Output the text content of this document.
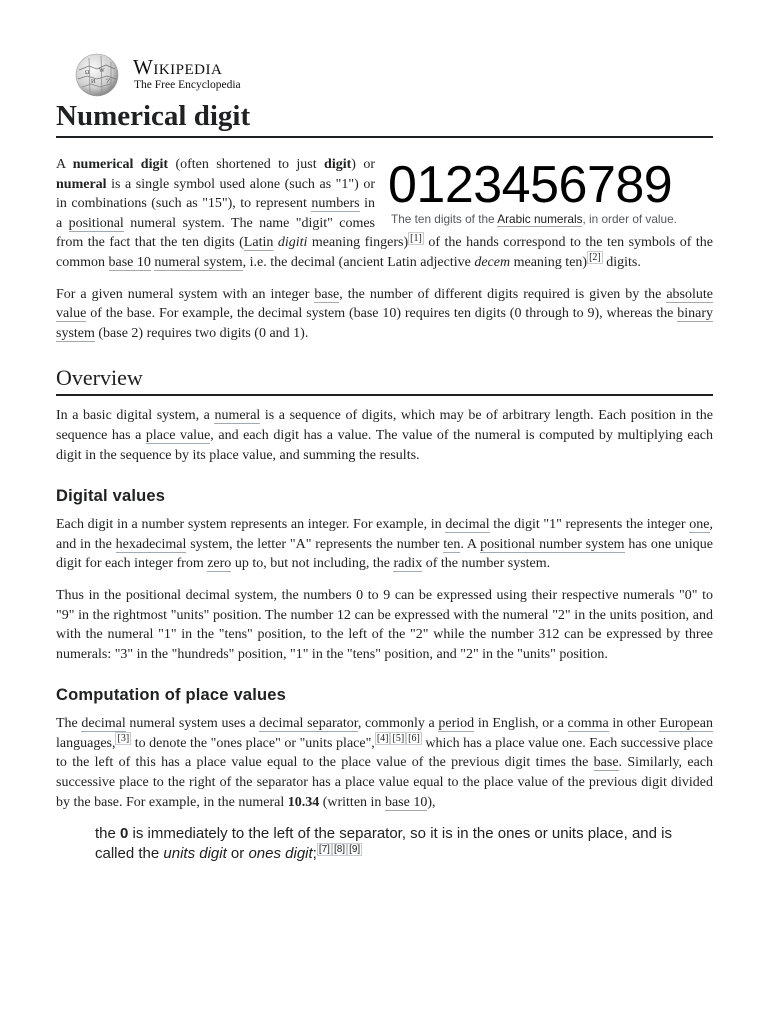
Ω W
И ア
Wikipedia
The Free Encyclopedia
Numerical digit
0123456789
The ten digits of the Arabic numerals, in order of value.

A numerical digit (often shortened to just digit) or numeral is a single symbol used alone (such as "1") or in combinations (such as "15"), to represent numbers in a positional numeral system. The name "digit" comes from the fact that the ten digits (Latin digiti meaning fingers) [1] of the hands correspond to the ten symbols of the common base 10 numeral system, i.e. the decimal (ancient Latin adjective decem meaning ten) [2] digits.

For a given numeral system with an integer base, the number of different digits required is given by the absolute value of the base. For example, the decimal system (base 10) requires ten digits (0 through to 9), whereas the binary system (base 2) requires two digits (0 and 1).

Overview

In a basic digital system, a numeral is a sequence of digits, which may be of arbitrary length. Each position in the sequence has a place value, and each digit has a value. The value of the numeral is computed by multiplying each digit in the sequence by its place value, and summing the results.

Digital values

Each digit in a number system represents an integer. For example, in decimal the digit "1" represents the integer one, and in the hexadecimal system, the letter "A" represents the number ten. A positional number system has one unique digit for each integer from zero up to, but not including, the radix of the number system.

Thus in the positional decimal system, the numbers 0 to 9 can be expressed using their respective numerals "0" to "9" in the rightmost "units" position. The number 12 can be expressed with the numeral "2" in the units position, and with the numeral "1" in the "tens" position, to the left of the "2" while the number 312 can be expressed by three numerals: "3" in the "hundreds" position, "1" in the "tens" position, and "2" in the "units" position.

Computation of place values

The decimal numeral system uses a decimal separator, commonly a period in English, or a comma in other European languages, [3] to denote the "ones place" or "units place", [4] [5] [6] which has a place value one. Each successive place to the left of this has a place value equal to the place value of the previous digit times the base. Similarly, each successive place to the right of the separator has a place value equal to the place value of the previous digit divided by the base. For example, in the numeral 10.34 (written in base 10),

the 0 is immediately to the left of the separator, so it is in the ones or units place, and is called the units digit or ones digit; [7] [8] [9]
